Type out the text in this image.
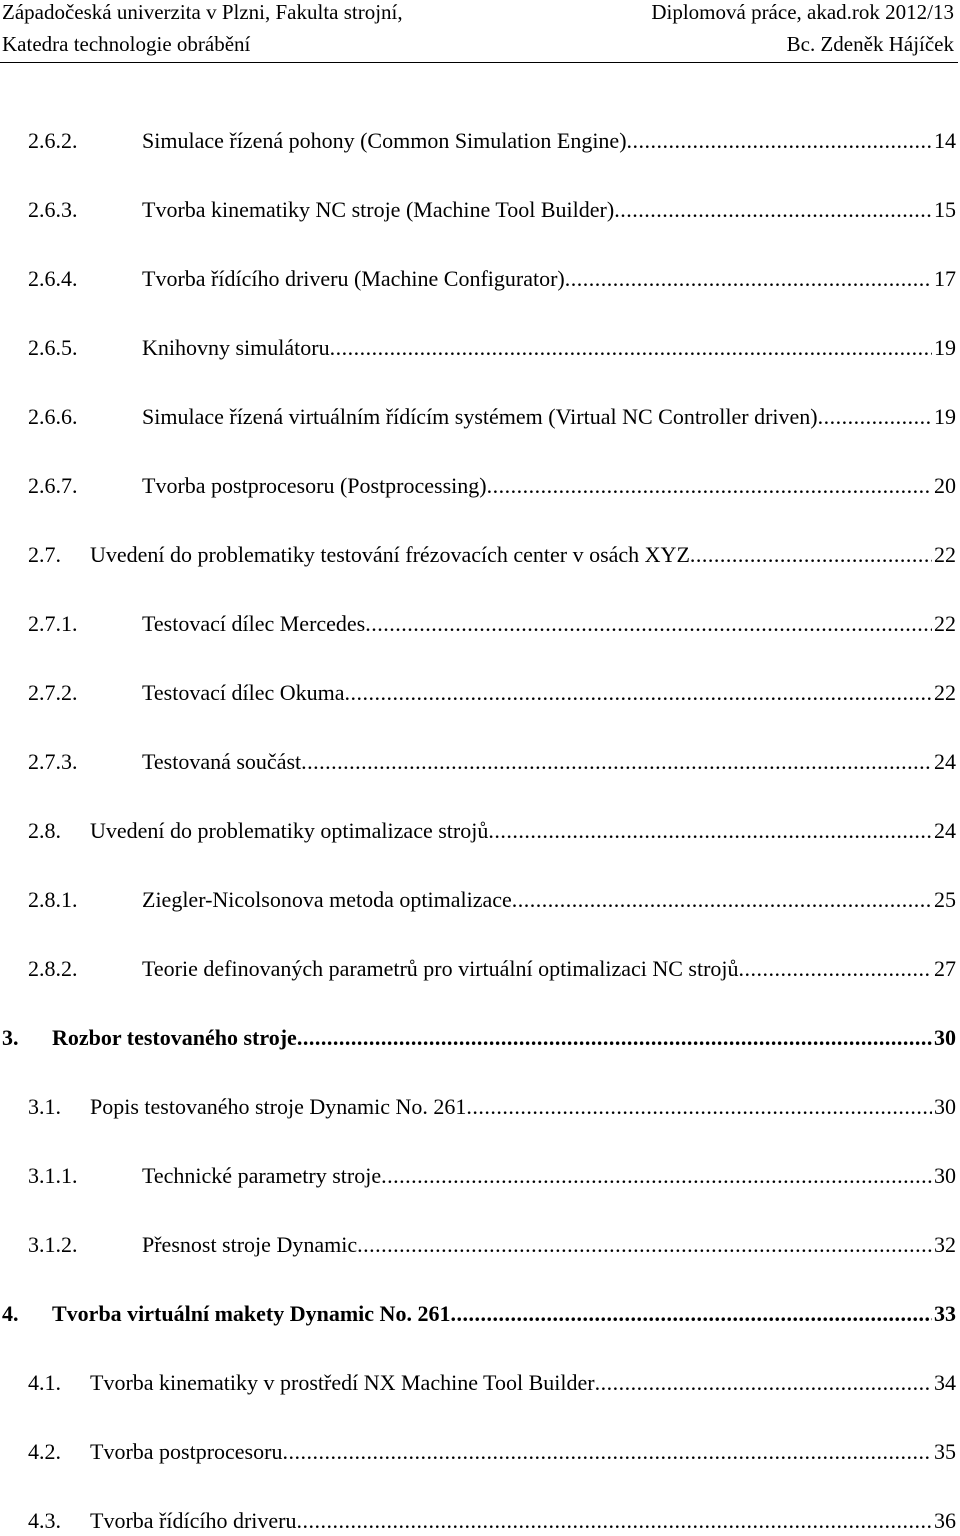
Západočeská univerzita v Plzni, Fakulta strojní,	Diplomová práce, akad.rok 2012/13
Katedra technologie obrábění	Bc. Zdeněk Hájíček
2.6.2.	Simulace řízená pohony (Common Simulation Engine) .....	14
2.6.3.	Tvorba kinematiky NC stroje (Machine Tool Builder) .....	15
2.6.4.	Tvorba řídícího driveru (Machine Configurator) .....	17
2.6.5.	Knihovny simulátoru .....	19
2.6.6.	Simulace řízená virtuálním řídícím systémem (Virtual NC Controller driven) .....	19
2.6.7.	Tvorba postprocesoru (Postprocessing) .....	20
2.7. Uvedení do problematiky testování frézovacích center v osách XYZ .....	22
2.7.1.	Testovací dílec Mercedes .....	22
2.7.2.	Testovací dílec Okuma .....	22
2.7.3.	Testovaná součást .....	24
2.8. Uvedení do problematiky optimalizace strojů .....	24
2.8.1.	Ziegler-Nicolsonova metoda optimalizace .....	25
2.8.2.	Teorie definovaných parametrů pro virtuální optimalizaci NC strojů .....	27
3. Rozbor testovaného stroje .....	30
3.1. Popis testovaného stroje Dynamic No. 261 .....	30
3.1.1.	Technické parametry stroje .....	30
3.1.2.	Přesnost stroje Dynamic .....	32
4. Tvorba virtuální makety Dynamic No. 261 .....	33
4.1. Tvorba kinematiky v prostředí NX Machine Tool Builder .....	34
4.2. Tvorba postprocesoru .....	35
4.3. Tvorba řídícího driveru .....	36
